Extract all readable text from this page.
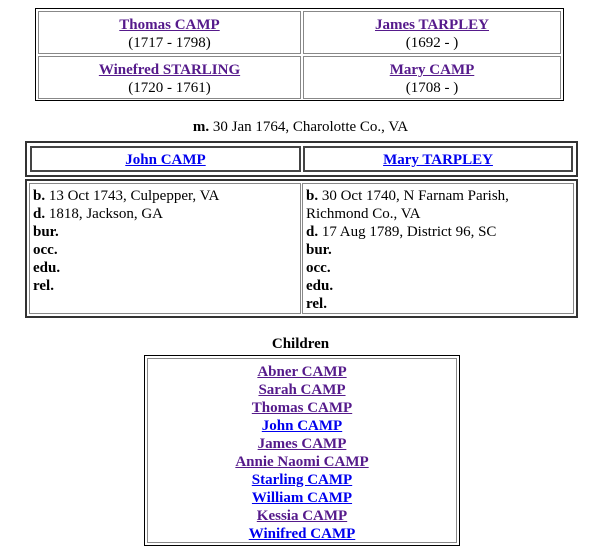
Thomas CAMP
(1717 - 1798)
James TARPLEY
(1692 - )
Winefred STARLING
(1720 - 1761)
Mary CAMP
(1708 - )
m. 30 Jan 1764, Charolotte Co., VA
John CAMP	Mary TARPLEY
b. 13 Oct 1743, Culpepper, VA
d. 1818, Jackson, GA
bur.
occ.
edu.
rel.
b. 30 Oct 1740, N Farnam Parish,
Richmond Co., VA
d. 17 Aug 1789, District 96, SC
bur.
occ.
edu.
rel.
Children
Abner CAMP
Sarah CAMP
Thomas CAMP
John CAMP
James CAMP
Annie Naomi CAMP
Starling CAMP
William CAMP
Kessia CAMP
Winifred CAMP
